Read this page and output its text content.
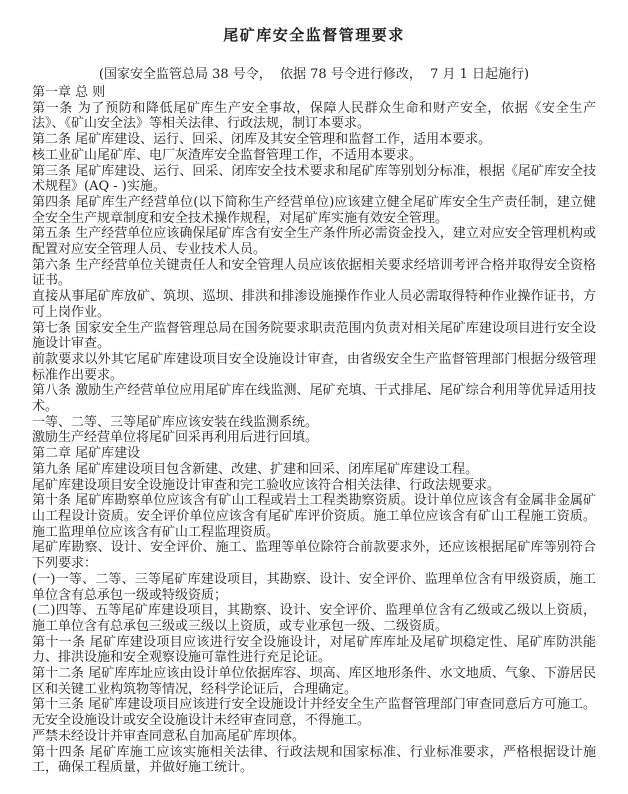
尾矿库安全监督管理要求

(国家安全监管总局 38 号令，  依据 78 号令进行修改，  7 月 1 日起施行)

第一章 总 则

第一条 为了预防和降低尾矿库生产安全事故，保障人民群众生命和财产安全，依据《安全生产法》、《矿山安全法》等相关法律、行政法规，制订本要求。

第二条 尾矿库建设、运行、回采、闭库及其安全管理和监督工作，适用本要求。

核工业矿山尾矿库、电厂灰渣库安全监督管理工作，不适用本要求。

第三条 尾矿库建设、运行、回采、闭库安全技术要求和尾矿库等别划分标准，根据《尾矿库安全技术规程》(AQ - )实施。

第四条 尾矿库生产经营单位(以下简称生产经营单位)应该建立健全尾矿库安全生产责任制，建立健全安全生产规章制度和安全技术操作规程，对尾矿库实施有效安全管理。

第五条 生产经营单位应该确保尾矿库含有安全生产条件所必需资金投入，建立对应安全管理机构或配置对应安全管理人员、专业技术人员。

第六条 生产经营单位关键责任人和安全管理人员应该依据相关要求经培训考评合格并取得安全资格证书。

直接从事尾矿库放矿、筑坝、巡坝、排洪和排渗设施操作作业人员必需取得特种作业操作证书，方可上岗作业。

第七条 国家安全生产监督管理总局在国务院要求职责范围内负责对相关尾矿库建设项目进行安全设施设计审查。

前款要求以外其它尾矿库建设项目安全设施设计审查，由省级安全生产监督管理部门根据分级管理标准作出要求。

第八条 激励生产经营单位应用尾矿库在线监测、尾矿充填、干式排尾、尾矿综合利用等优异适用技术。

一等、二等、三等尾矿库应该安装在线监测系统。

激励生产经营单位将尾矿回采再利用后进行回填。

第二章 尾矿库建设

第九条 尾矿库建设项目包含新建、改建、扩建和回采、闭库尾矿库建设工程。

尾矿库建设项目安全设施设计审查和完工验收应该符合相关法律、行政法规要求。

第十条 尾矿库勘察单位应该含有矿山工程或岩土工程类勘察资质。设计单位应该含有金属非金属矿山工程设计资质。安全评价单位应该含有尾矿库评价资质。施工单位应该含有矿山工程施工资质。施工监理单位应该含有矿山工程监理资质。

尾矿库勘察、设计、安全评价、施工、监理等单位除符合前款要求外，还应该根据尾矿库等别符合下列要求：

(一)一等、二等、三等尾矿库建设项目，其勘察、设计、安全评价、监理单位含有甲级资质，施工单位含有总承包一级或特级资质；

(二)四等、五等尾矿库建设项目，其勘察、设计、安全评价、监理单位含有乙级或乙级以上资质，施工单位含有总承包三级或三级以上资质，或专业承包一级、二级资质。

第十一条 尾矿库建设项目应该进行安全设施设计，对尾矿库库址及尾矿坝稳定性、尾矿库防洪能力、排洪设施和安全观察设施可靠性进行充足论证。

第十二条 尾矿库库址应该由设计单位依据库容、坝高、库区地形条件、水文地质、气象、下游居民区和关键工业构筑物等情况，经科学论证后，合理确定。

第十三条 尾矿库建设项目应该进行安全设施设计并经安全生产监督管理部门审查同意后方可施工。无安全设施设计或安全设施设计未经审查同意，不得施工。

严禁未经设计并审查同意私自加高尾矿库坝体。

第十四条 尾矿库施工应该实施相关法律、行政法规和国家标准、行业标准要求，严格根据设计施工，确保工程质量，并做好施工统计。
